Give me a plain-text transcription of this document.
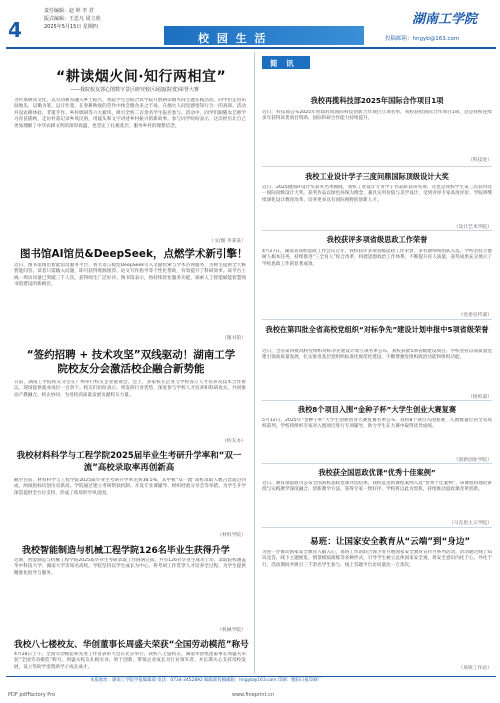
4
责任编辑：赵 婷 李 君
版式编辑：王思凡 周立欣
2025年5月15日 星期四
校 园 生 活
湖南工学院
投稿邮箱：hngyb@163.com
“耕读烟火间·知行两相宜”
——我院校友郭心图数字景区研究校区展演(院赏)荣誉大赛
为传承耕读文化，以劳动教育融入乡土振兴，我院学生会联合农学院开展耕读烟火间主题实践活动。同学们走进田间地头，以锄为笔、以汗作墨，在春耕秋收的劳作中体会粮食来之不易，在烟火人间里感悟知行合一的真谛。活动共设农耕体验、非遗手作、乡村调研等六大板块，吸引全校二百余名学生报名参与。活动中，同学们跟随农艺师学习育苗插秧，走访村落记录乡风民俗，用镜头和文字讲述乡村振兴的新故事。参与同学纷纷表示，这次经历让自己更加理解了中华农耕文明的深厚底蕴，也坚定了扎根基层、服务乡村的理想信念。
（文/图 李某某）
图书馆AI馆员&DeepSeek，点燃学术新引擎！
近日，图书馆推出智能馆员服务平台，将大语言模型DeepSeek引入文献检索与学术咨询服务，为师生提供全天候智能问答。读者只需输入问题，即可获得资源推荐、论文写作指导等个性化帮助，有效提升了科研效率。该平台上线一周访问量已突破三千人次，获得师生广泛好评。图书馆表示，将持续优化服务功能，探索人工智能赋能智慧图书馆建设的新路径。
（图书馆）
“签约招聘 + 技术攻坚”双线驱动！湖南工学院校友分会激活校企融合新势能
日前，湖南工学院校友分会在广州举行校友企业座谈会。会上，多家校友企业与学校签订人才培养及技术合作协议，现场提供就业岗位一百余个。校友们纷纷表示，将发挥行业优势，深度参与学校人才培养和科研攻关，共同推动产教融合、校企协同，为母校高质量发展贡献校友力量。
（校友办）
我校材料科学与工程学院2025届毕业生考研升学率和“双一流”高校录取率再创新高
截至目前，材料科学与工程学院2025届毕业生考研升学率达到38.5%，其中被“双一流”高校录取人数占比超过四成，两项指标均创历史新高。学院通过建立考研帮扶机制、开设专业课辅导、组织经验分享会等举措，为学生升学深造提供全方位支持，形成了浓厚的学风氛围。
（材料学院）
我校智能制造与机械工程学院126名毕业生获得升学
近期，智能制造与机械工程学院2025届毕业生考研录取工作圆满完成，共有126名毕业生成功上岸，录取院校涵盖华中科技大学、湖南大学等知名高校。学院坚持以学生成长为中心，将考研工作贯穿人才培养全过程，为学生提供精准化指导与服务。
（机械学院）
我校八七楼校友、华创董事长周盛夫荣获“全国劳动模范”称号
4月28日上午，全国劳动模范和先进工作者表彰大会在北京举行。我校八七届校友、湖南华创集团董事长周盛夫荣获“全国劳动模范”称号。周盛夫校友扎根实业、勇于创新，带领企业成长为行业领军者，并长期关心支持母校发展，设立奖助学金资助学子成长成才。
简 讯
我校再揽科技部2025年国际合作项目1项
近日，科技部公布2025年度政府间国际科技创新合作项目立项名单，我校获批国际合作项目1项，这是我校连续多年获得该类项目资助，国际科研合作能力持续提升。
（科技处）
我校工业设计学子三度问鼎国际顶级设计大奖
近日，2025德国iF设计奖获奖名单揭晓，我校工业设计专业学子作品斩获该奖项，这也是我校学生第三次获得这一国际顶级设计大奖。获奖作品以绿色环保为理念，兼具实用价值与美学设计，受到评审专家高度评价。学院将继续深化设计教育改革，培养更多具有国际视野的创新人才。
（设计艺术学院）
我校获评多项省级思政工作荣誉
4月27日，湖南省高校思政工作会议召开，我校获评多项省级思政工作荣誉，多名教师和团队入选。学校坚持立德树人根本任务，持续推进“三全育人”综合改革，构建思想政治工作体系，不断提升育人质量，获奖成果充分展示了学校思政工作的显著成效。
（党委宣传部）
我校在第四批全省高校党组织“对标争先”建设计划申报中5项省级荣誉
近日，全省第四批高校党组织对标争先建设计划立项名单公布，我校获批5项省级建设项目。学校坚持以高质量党建引领高质量发展，扎实推进基层党组织标准化规范化建设，不断增强党组织政治功能和组织功能。
（组织部）
我校8个项目入围“金种子杯”大学生创业大赛复赛
5月12日，2025年“金种子杯”大学生创新创业大赛复赛名单公布，我校8个项目入围复赛，入围数量位居全省高校前列。学校将组织专家对入围项目进行专项辅导，助力学生在大赛中取得优异成绩。
（创新创业学院）
我校获全国思政优课“优秀十佳案例”
近日，教育部思政司公布全国高校思政优课评选结果，我校选送的课程案例入选“优秀十佳案例”。该课程将理论讲授与实践教学深度融合，创新教学方法，获得专家一致好评。学校将以此为契机，持续推动思政课改革创新。
（马克思主义学院）
易班：让国家安全教育从“云端”到“身边”
为进一步推动国家安全教育入脑入心，易班工作站联合保卫处开展国家安全教育宣传月系列活动。活动通过线上知识竞答、线下主题展览、情景模拟演练等多种形式，引导学生树立总体国家安全观，将安全意识内化于心、外化于行。活动期间共吸引三千余名学生参与，线上答题平台访问量达一万余次。
（易班工作站）
本报地址：湖南工学院学报编辑部 电话：0734-3452892 编辑部投稿邮箱：hngyb@163.com 印刷：衡阳日报印刷厂
PDF pdfFactory Pro	www.fineprint.cn
